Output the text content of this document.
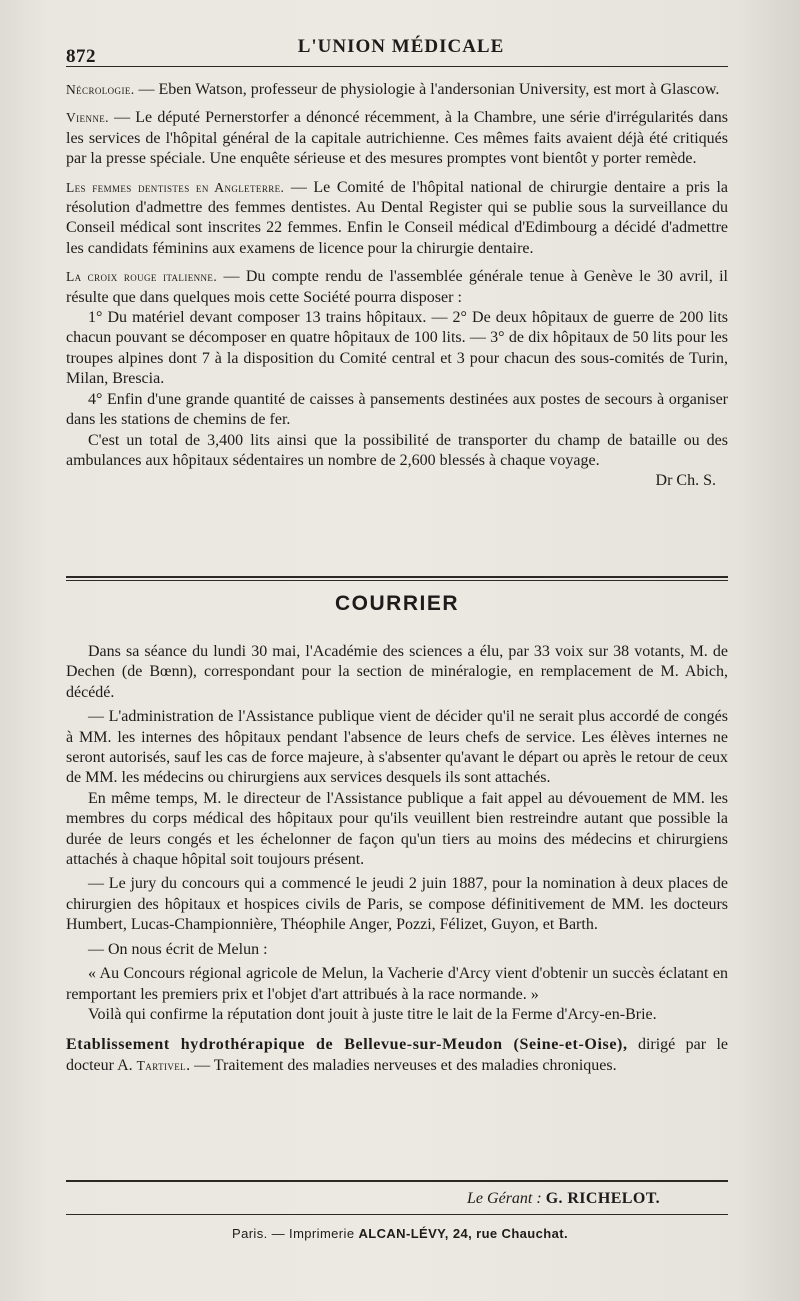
872	L'UNION MÉDICALE

Nécrologie. — Eben Watson, professeur de physiologie à l'andersonian University, est mort à Glascow.

Vienne. — Le député Pernerstorfer a dénoncé récemment, à la Chambre, une série d'irrégularités dans les services de l'hôpital général de la capitale autrichienne. Ces mêmes faits avaient déjà été critiqués par la presse spéciale. Une enquête sérieuse et des mesures promptes vont bientôt y porter remède.

Les femmes dentistes en Angleterre. — Le Comité de l'hôpital national de chirurgie dentaire a pris la résolution d'admettre des femmes dentistes. Au Dental Register qui se publie sous la surveillance du Conseil médical sont inscrites 22 femmes. Enfin le Conseil médical d'Edimbourg a décidé d'admettre les candidats féminins aux examens de licence pour la chirurgie dentaire.

La croix rouge italienne. — Du compte rendu de l'assemblée générale tenue à Genève le 30 avril, il résulte que dans quelques mois cette Société pourra disposer :

1° Du matériel devant composer 13 trains hôpitaux. — 2° De deux hôpitaux de guerre de 200 lits chacun pouvant se décomposer en quatre hôpitaux de 100 lits. — 3° de dix hôpitaux de 50 lits pour les troupes alpines dont 7 à la disposition du Comité central et 3 pour chacun des sous-comités de Turin, Milan, Brescia.

4° Enfin d'une grande quantité de caisses à pansements destinées aux postes de secours à organiser dans les stations de chemins de fer.

C'est un total de 3,400 lits ainsi que la possibilité de transporter du champ de bataille ou des ambulances aux hôpitaux sédentaires un nombre de 2,600 blessés à chaque voyage.

Dr Ch. S.

COURRIER

Dans sa séance du lundi 30 mai, l'Académie des sciences a élu, par 33 voix sur 38 votants, M. de Dechen (de Bœnn), correspondant pour la section de minéralogie, en remplacement de M. Abich, décédé.

— L'administration de l'Assistance publique vient de décider qu'il ne serait plus accordé de congés à MM. les internes des hôpitaux pendant l'absence de leurs chefs de service. Les élèves internes ne seront autorisés, sauf les cas de force majeure, à s'absenter qu'avant le départ ou après le retour de ceux de MM. les médecins ou chirurgiens aux services desquels ils sont attachés.

En même temps, M. le directeur de l'Assistance publique a fait appel au dévouement de MM. les membres du corps médical des hôpitaux pour qu'ils veuillent bien restreindre autant que possible la durée de leurs congés et les échelonner de façon qu'un tiers au moins des médecins et chirurgiens attachés à chaque hôpital soit toujours présent.

— Le jury du concours qui a commencé le jeudi 2 juin 1887, pour la nomination à deux places de chirurgien des hôpitaux et hospices civils de Paris, se compose définitivement de MM. les docteurs Humbert, Lucas-Championnière, Théophile Anger, Pozzi, Félizet, Guyon, et Barth.

— On nous écrit de Melun :

« Au Concours régional agricole de Melun, la Vacherie d'Arcy vient d'obtenir un succès éclatant en remportant les premiers prix et l'objet d'art attribués à la race normande. »

Voilà qui confirme la réputation dont jouit à juste titre le lait de la Ferme d'Arcy-en-Brie.

Etablissement hydrothérapique de Bellevue-sur-Meudon (Seine-et-Oise), dirigé par le docteur A. Tartivel. — Traitement des maladies nerveuses et des maladies chroniques.

Le Gérant : G. RICHELOT.
Paris. — Imprimerie ALCAN-LÉVY, 24, rue Chauchat.
